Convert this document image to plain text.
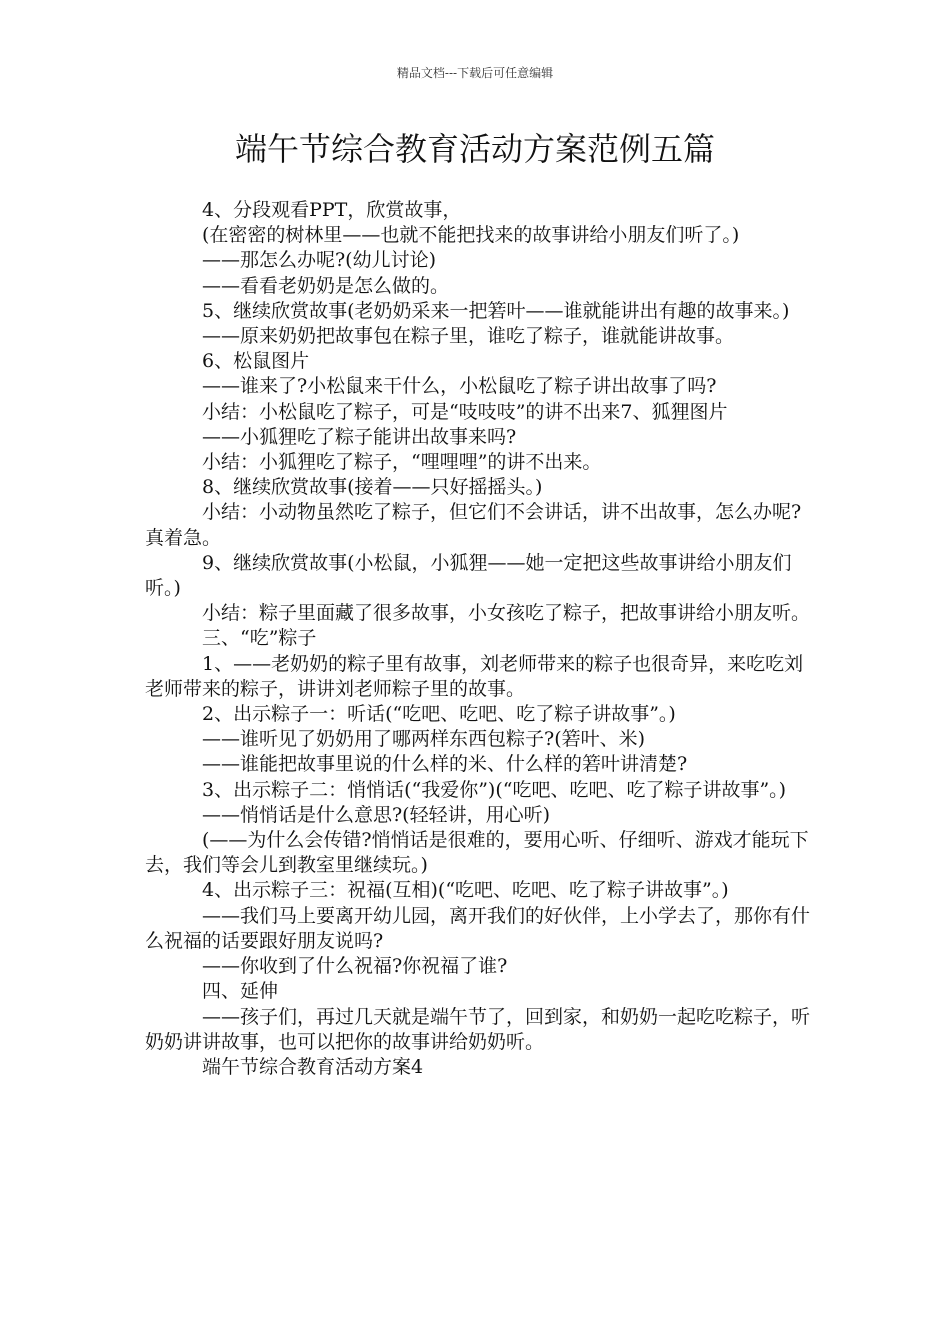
精品文档---下载后可任意编辑
端午节综合教育活动方案范例五篇

4、分段观看PPT，欣赏故事，

(在密密的树林里——也就不能把找来的故事讲给小朋友们听了。)

——那怎么办呢?(幼儿讨论)

——看看老奶奶是怎么做的。

5、继续欣赏故事(老奶奶采来一把箬叶——谁就能讲出有趣的故事来。)

——原来奶奶把故事包在粽子里，谁吃了粽子，谁就能讲故事。

6、松鼠图片

——谁来了?小松鼠来干什么，小松鼠吃了粽子讲出故事了吗?

小结：小松鼠吃了粽子，可是“吱吱吱”的讲不出来7、狐狸图片

——小狐狸吃了粽子能讲出故事来吗?

小结：小狐狸吃了粽子，“哩哩哩”的讲不出来。

8、继续欣赏故事(接着——只好摇摇头。)

小结：小动物虽然吃了粽子，但它们不会讲话，讲不出故事，怎么办呢?真着急。

9、继续欣赏故事(小松鼠，小狐狸——她一定把这些故事讲给小朋友们听。)

小结：粽子里面藏了很多故事，小女孩吃了粽子，把故事讲给小朋友听。

三、“吃”粽子

1、——老奶奶的粽子里有故事，刘老师带来的粽子也很奇异，来吃吃刘老师带来的粽子，讲讲刘老师粽子里的故事。

2、出示粽子一：听话(“吃吧、吃吧、吃了粽子讲故事”。)

——谁听见了奶奶用了哪两样东西包粽子?(箬叶、米)

——谁能把故事里说的什么样的米、什么样的箬叶讲清楚?

3、出示粽子二：悄悄话(“我爱你”)(“吃吧、吃吧、吃了粽子讲故事”。)

——悄悄话是什么意思?(轻轻讲，用心听)

(——为什么会传错?悄悄话是很难的，要用心听、仔细听、游戏才能玩下去，我们等会儿到教室里继续玩。)

4、出示粽子三：祝福(互相)(“吃吧、吃吧、吃了粽子讲故事”。)

——我们马上要离开幼儿园，离开我们的好伙伴，上小学去了，那你有什么祝福的话要跟好朋友说吗?

——你收到了什么祝福?你祝福了谁?

四、延伸

——孩子们，再过几天就是端午节了，回到家，和奶奶一起吃吃粽子，听奶奶讲讲故事，也可以把你的故事讲给奶奶听。

端午节综合教育活动方案4
